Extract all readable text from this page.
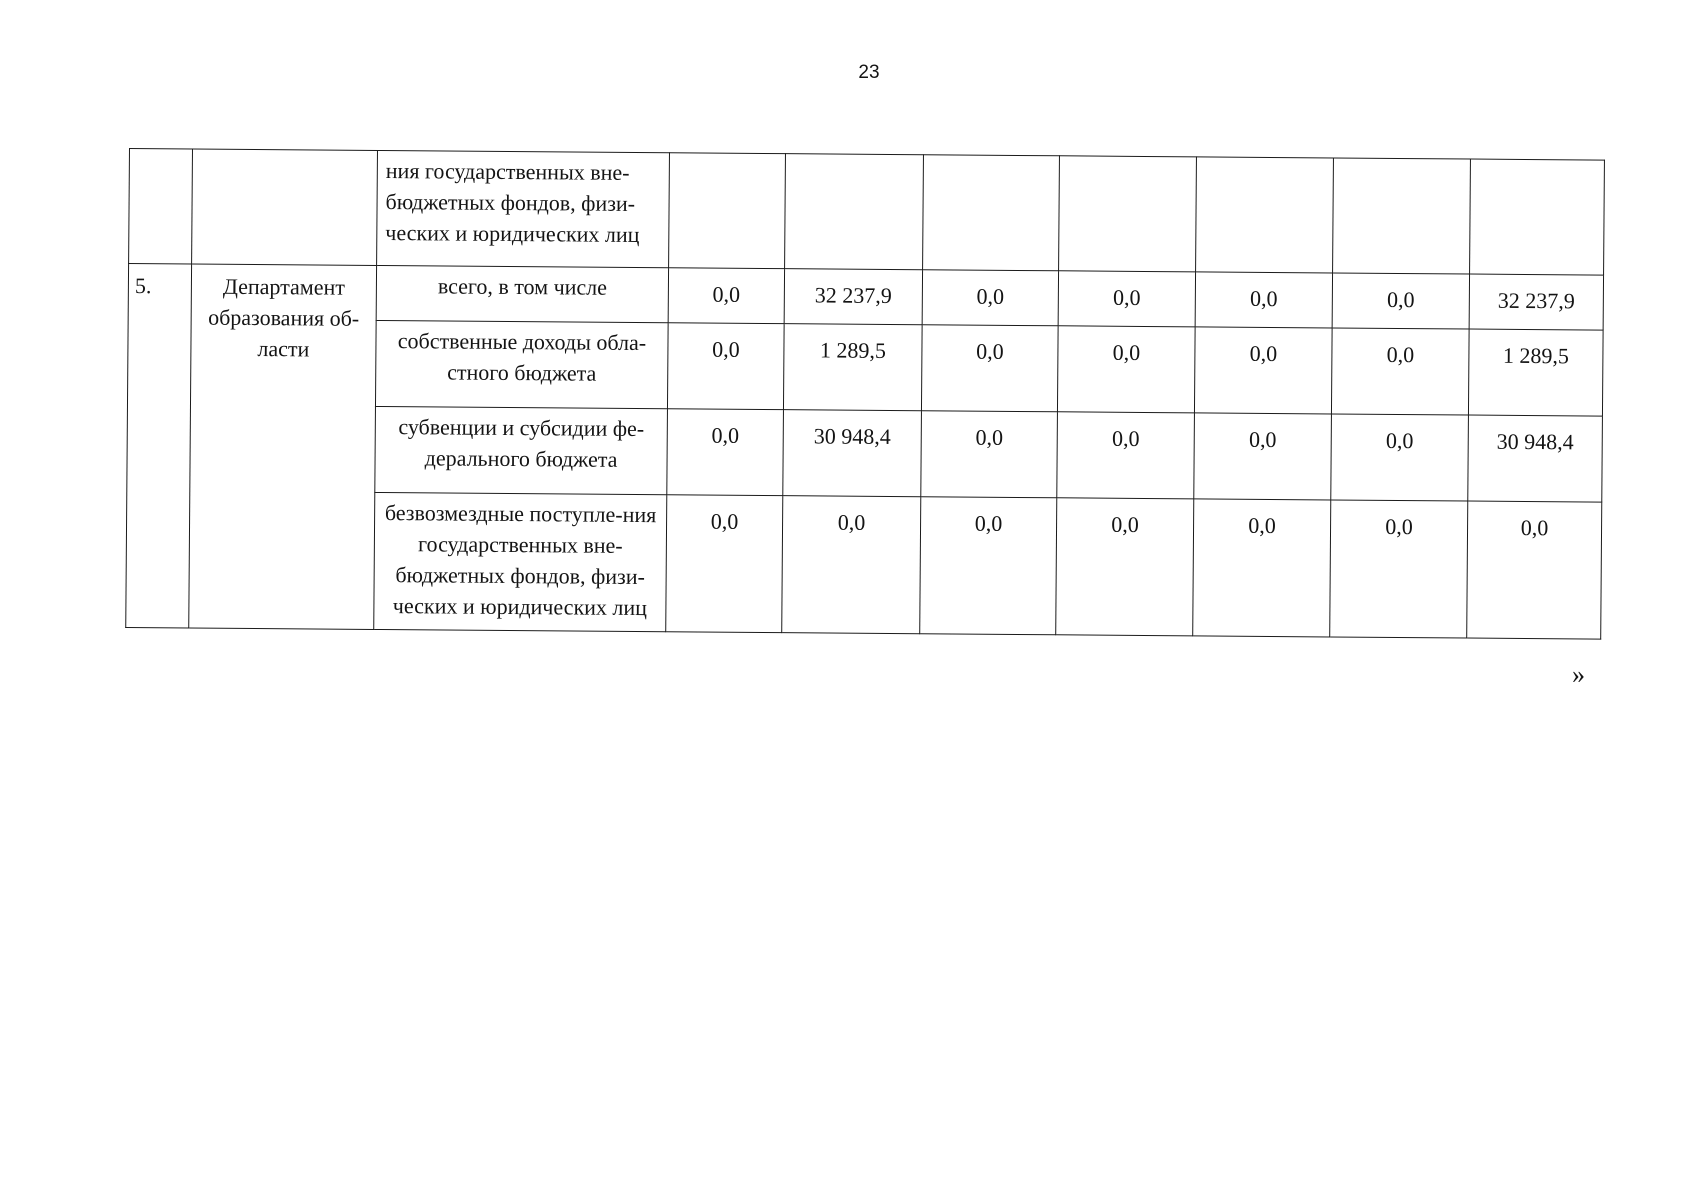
23
		ния государственных вне-бюджетных фондов, физи-ческих и юридических лиц							
5.	Департамент образования об-ласти	всего, в том числе	0,0	32 237,9	0,0	0,0	0,0	0,0	32 237,9
		собственные доходы обла-стного бюджета	0,0	1 289,5	0,0	0,0	0,0	0,0	1 289,5
		субвенции и субсидии фе-дерального бюджета	0,0	30 948,4	0,0	0,0	0,0	0,0	30 948,4
		безвозмездные поступле-ния государственных вне-бюджетных фондов, физи-ческих и юридических лиц	0,0	0,0	0,0	0,0	0,0	0,0	0,0
»
